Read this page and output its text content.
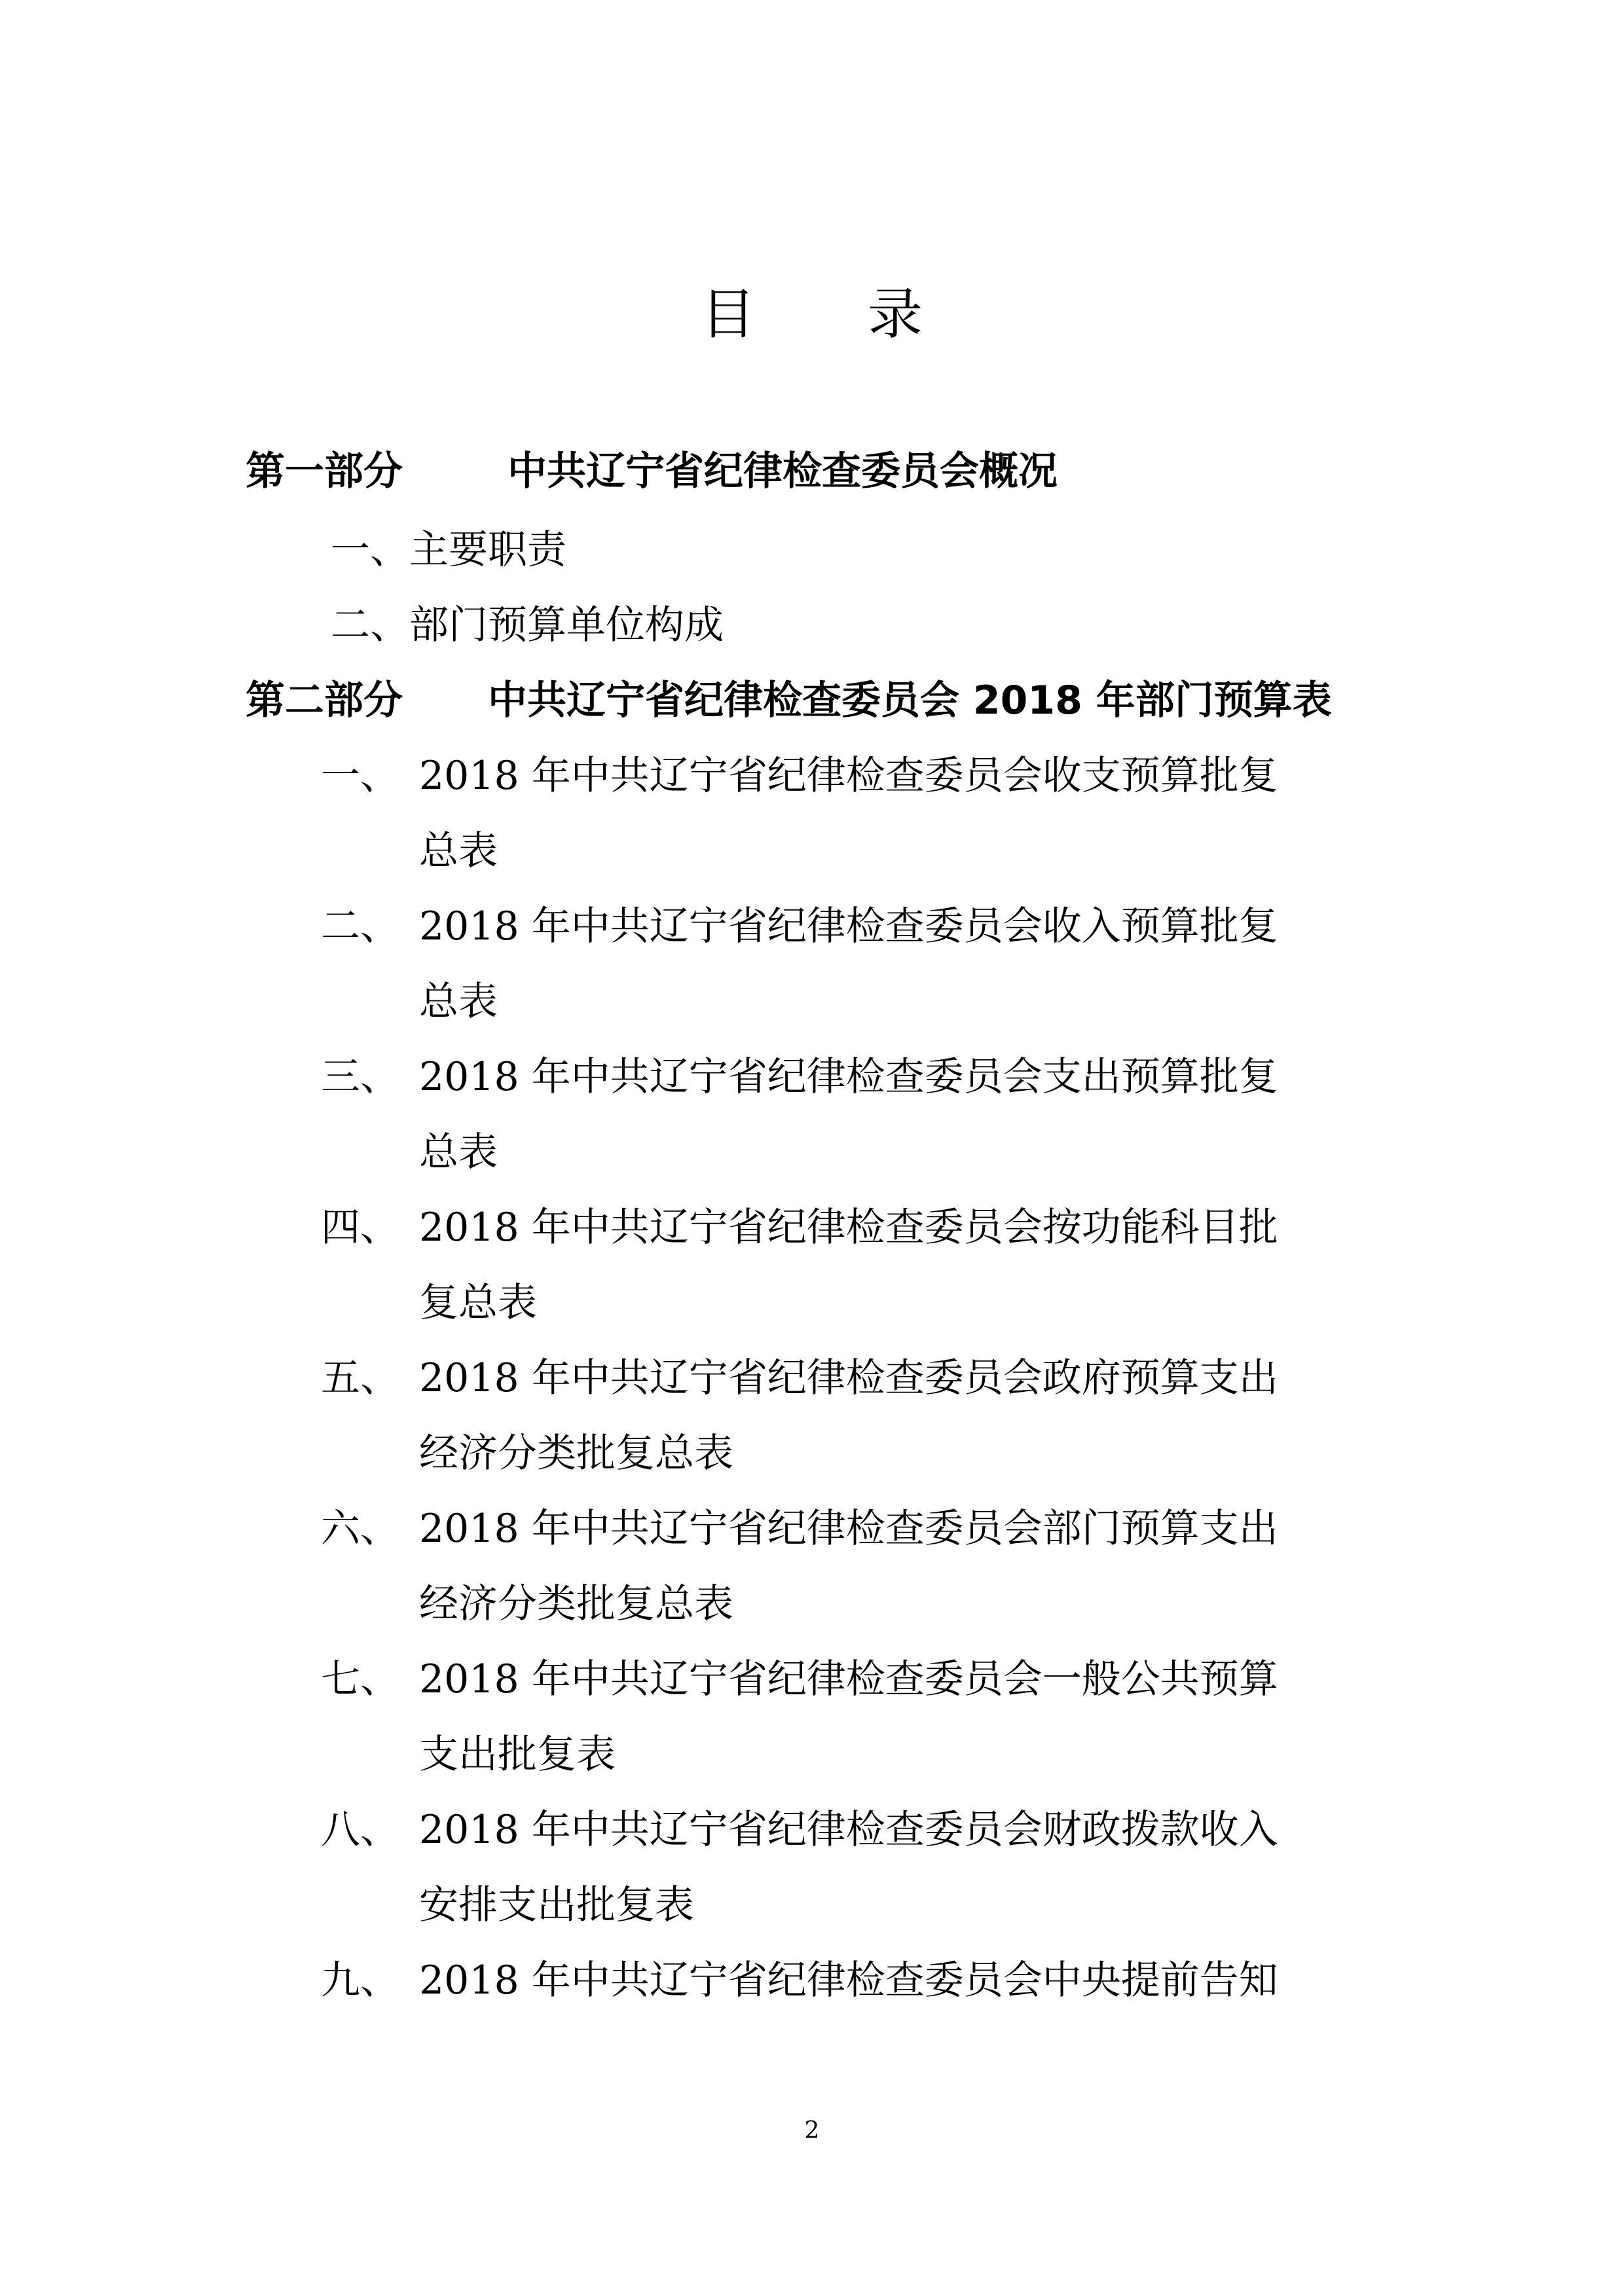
目 录
第一部分	中共辽宁省纪律检查委员会概况
一、主要职责
二、部门预算单位构成
第二部分 中共辽宁省纪律检查委员会 2018 年部门预算表
一、 2018 年中共辽宁省纪律检查委员会收支预算批复
总表
二、 2018 年中共辽宁省纪律检查委员会收入预算批复
总表
三、 2018 年中共辽宁省纪律检查委员会支出预算批复
总表
四、 2018 年中共辽宁省纪律检查委员会按功能科目批
复总表
五、 2018 年中共辽宁省纪律检查委员会政府预算支出
经济分类批复总表
六、 2018 年中共辽宁省纪律检查委员会部门预算支出
经济分类批复总表
七、 2018 年中共辽宁省纪律检查委员会一般公共预算
支出批复表
八、 2018 年中共辽宁省纪律检查委员会财政拨款收入
安排支出批复表
九、 2018 年中共辽宁省纪律检查委员会中央提前告知
2
